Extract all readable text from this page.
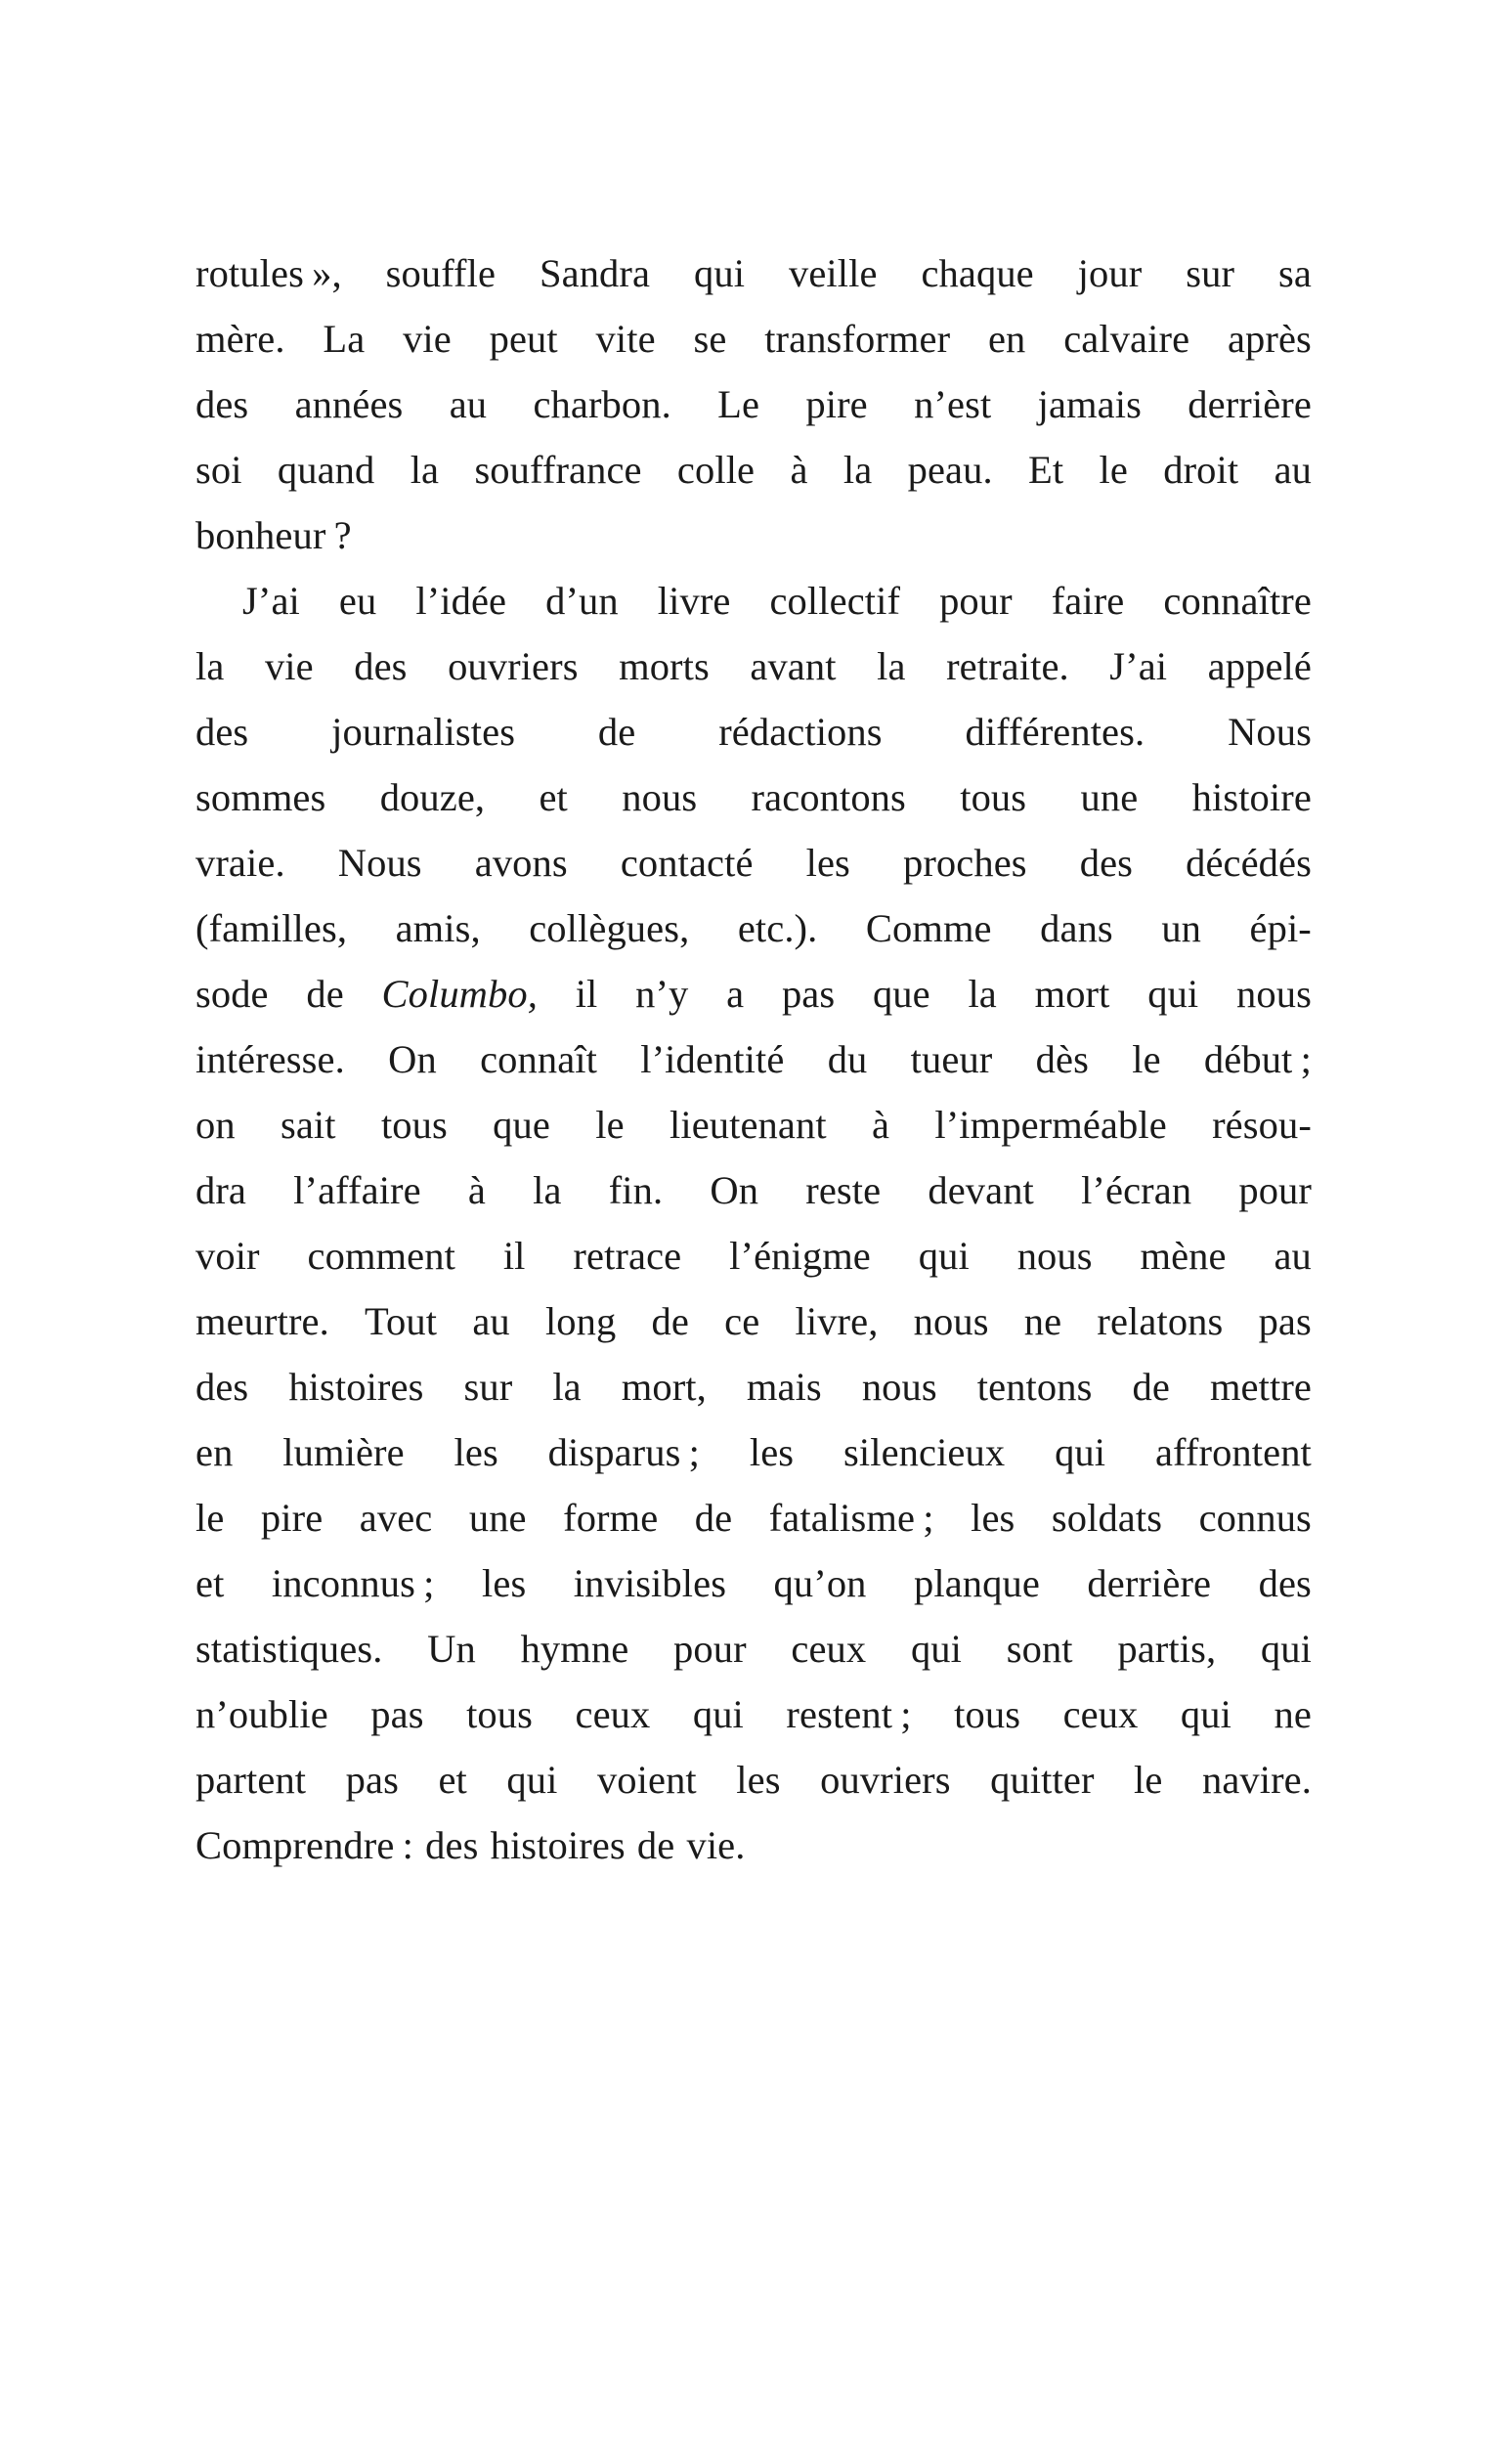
rotules », souffle Sandra qui veille chaque jour sur sa
mère. La vie peut vite se transformer en calvaire après
des années au charbon. Le pire n’est jamais derrière
soi quand la souffrance colle à la peau. Et le droit au
bonheur ?
J’ai eu l’idée d’un livre collectif pour faire connaître
la vie des ouvriers morts avant la retraite. J’ai appelé
des journalistes de rédactions différentes. Nous
sommes douze, et nous racontons tous une histoire
vraie. Nous avons contacté les proches des décédés
(familles, amis, collègues, etc.). Comme dans un épi-
sode de Columbo, il n’y a pas que la mort qui nous
intéresse. On connaît l’identité du tueur dès le début ;
on sait tous que le lieutenant à l’imperméable résou-
dra l’affaire à la fin. On reste devant l’écran pour
voir comment il retrace l’énigme qui nous mène au
meurtre. Tout au long de ce livre, nous ne relatons pas
des histoires sur la mort, mais nous tentons de mettre
en lumière les disparus ; les silencieux qui affrontent
le pire avec une forme de fatalisme ; les soldats connus
et inconnus ; les invisibles qu’on planque derrière des
statistiques. Un hymne pour ceux qui sont partis, qui
n’oublie pas tous ceux qui restent ; tous ceux qui ne
partent pas et qui voient les ouvriers quitter le navire.
Comprendre : des histoires de vie.
